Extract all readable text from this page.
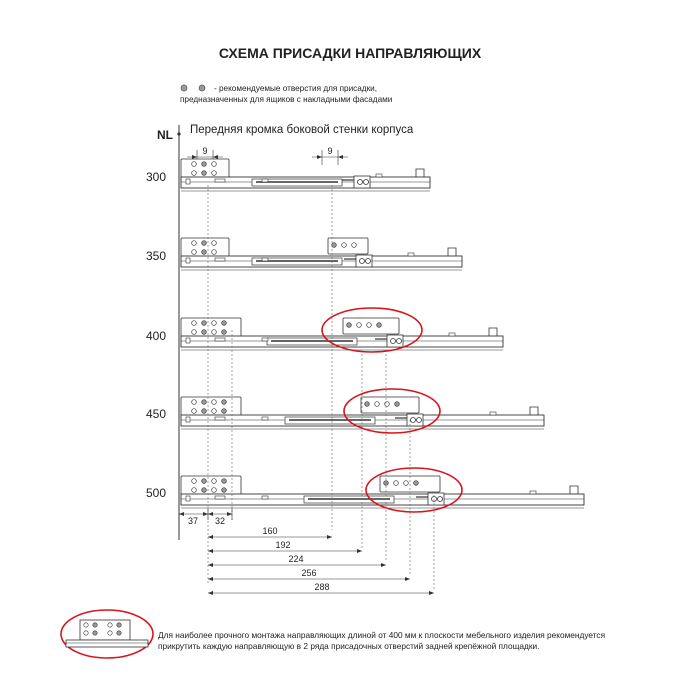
СХЕМА ПРИСАДКИ НАПРАВЛЯЮЩИХ
- рекомендуемые отверстия для присадки,
предназначенных для ящиков с накладными фасадами
NL Передняя кромка боковой стенки корпуса
9	9
300
350
400
450
500
37 32
160
192
224
256
288
Для наиболее прочного монтажа направляющих длиной от 400 мм к плоскости мебельного изделия рекомендуется
прикрутить каждую направляющую в 2 ряда присадочных отверстий задней крепёжной площадки.
